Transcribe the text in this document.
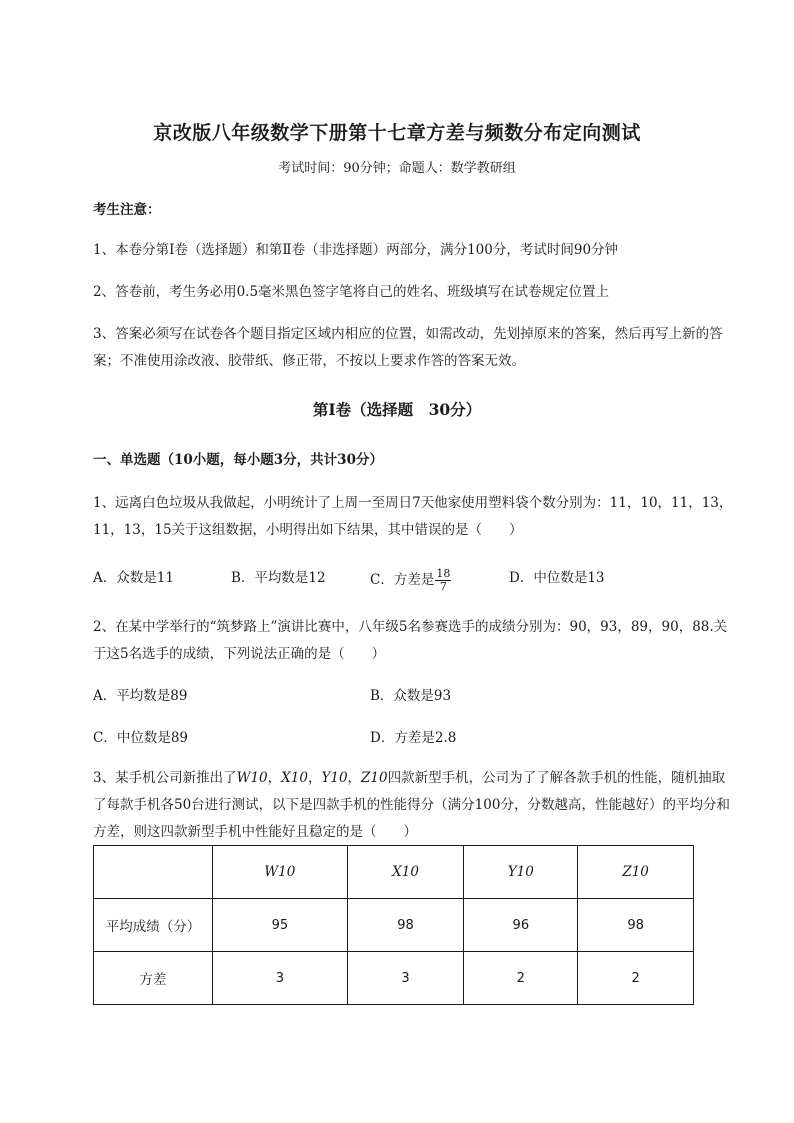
京改版八年级数学下册第十七章方差与频数分布定向测试
考试时间：90分钟；命题人：数学教研组
考生注意：
1、本卷分第I卷（选择题）和第Ⅱ卷（非选择题）两部分，满分100分，考试时间90分钟
2、答卷前，考生务必用0.5毫米黑色签字笔将自己的姓名、班级填写在试卷规定位置上
3、答案必须写在试卷各个题目指定区域内相应的位置，如需改动，先划掉原来的答案，然后再写上新的答案；不准使用涂改液、胶带纸、修正带，不按以上要求作答的答案无效。
第I卷（选择题　30分）
一、单选题（10小题，每小题3分，共计30分）
1、远离白色垃圾从我做起，小明统计了上周一至周日7天他家使用塑料袋个数分别为：11，10，11，13，11，13，15关于这组数据，小明得出如下结果，其中错误的是（　　）
A．众数是11	B．平均数是12	C．方差是 $\frac{18}{7}$	D．中位数是13
2、在某中学举行的“筑梦路上”演讲比赛中，八年级5名参赛选手的成绩分别为：90，93，89，90，88.关于这5名选手的成绩，下列说法正确的是（　　）
A．平均数是89	B．众数是93
C．中位数是89	D．方差是2.8
3、某手机公司新推出了W10，X10，Y10，Z10四款新型手机，公司为了了解各款手机的性能，随机抽取了每款手机各50台进行测试，以下是四款手机的性能得分（满分100分，分数越高，性能越好）的平均分和方差，则这四款新型手机中性能好且稳定的是（　　）
	W10	X10	Y10	Z10
平均成绩（分）	95	98	96	98
方差	3	3	2	2
